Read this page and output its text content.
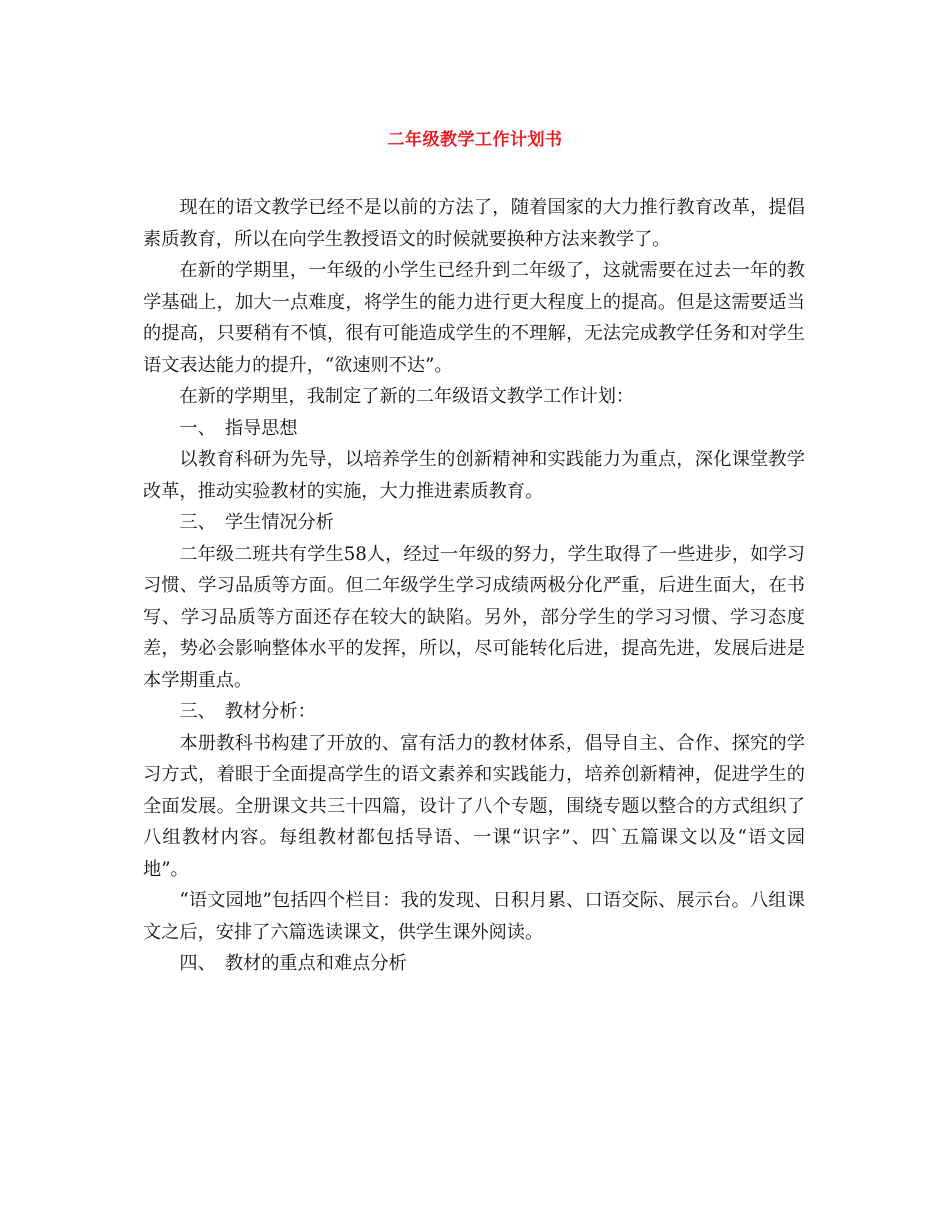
二年级教学工作计划书

现在的语文教学已经不是以前的方法了，随着国家的大力推行教育改革，提倡素质教育，所以在向学生教授语文的时候就要换种方法来教学了。

在新的学期里，一年级的小学生已经升到二年级了，这就需要在过去一年的教学基础上，加大一点难度，将学生的能力进行更大程度上的提高。但是这需要适当的提高，只要稍有不慎，很有可能造成学生的不理解，无法完成教学任务和对学生语文表达能力的提升，“欲速则不达”。

在新的学期里，我制定了新的二年级语文教学工作计划：

一、　指导思想

以教育科研为先导，以培养学生的创新精神和实践能力为重点，深化课堂教学改革，推动实验教材的实施，大力推进素质教育。

三、　学生情况分析

二年级二班共有学生58人，经过一年级的努力，学生取得了一些进步，如学习习惯、学习品质等方面。但二年级学生学习成绩两极分化严重，后进生面大，在书写、学习品质等方面还存在较大的缺陷。另外，部分学生的学习习惯、学习态度差，势必会影响整体水平的发挥，所以，尽可能转化后进，提高先进，发展后进是本学期重点。

三、　教材分析：

本册教科书构建了开放的、富有活力的教材体系，倡导自主、合作、探究的学习方式，着眼于全面提高学生的语文素养和实践能力，培养创新精神，促进学生的全面发展。全册课文共三十四篇，设计了八个专题，围绕专题以整合的方式组织了八组教材内容。每组教材都包括导语、一课“识字”、四`五篇课文以及“语文园地”。

“语文园地”包括四个栏目：我的发现、日积月累、口语交际、展示台。八组课文之后，安排了六篇选读课文，供学生课外阅读。

四、　教材的重点和难点分析
